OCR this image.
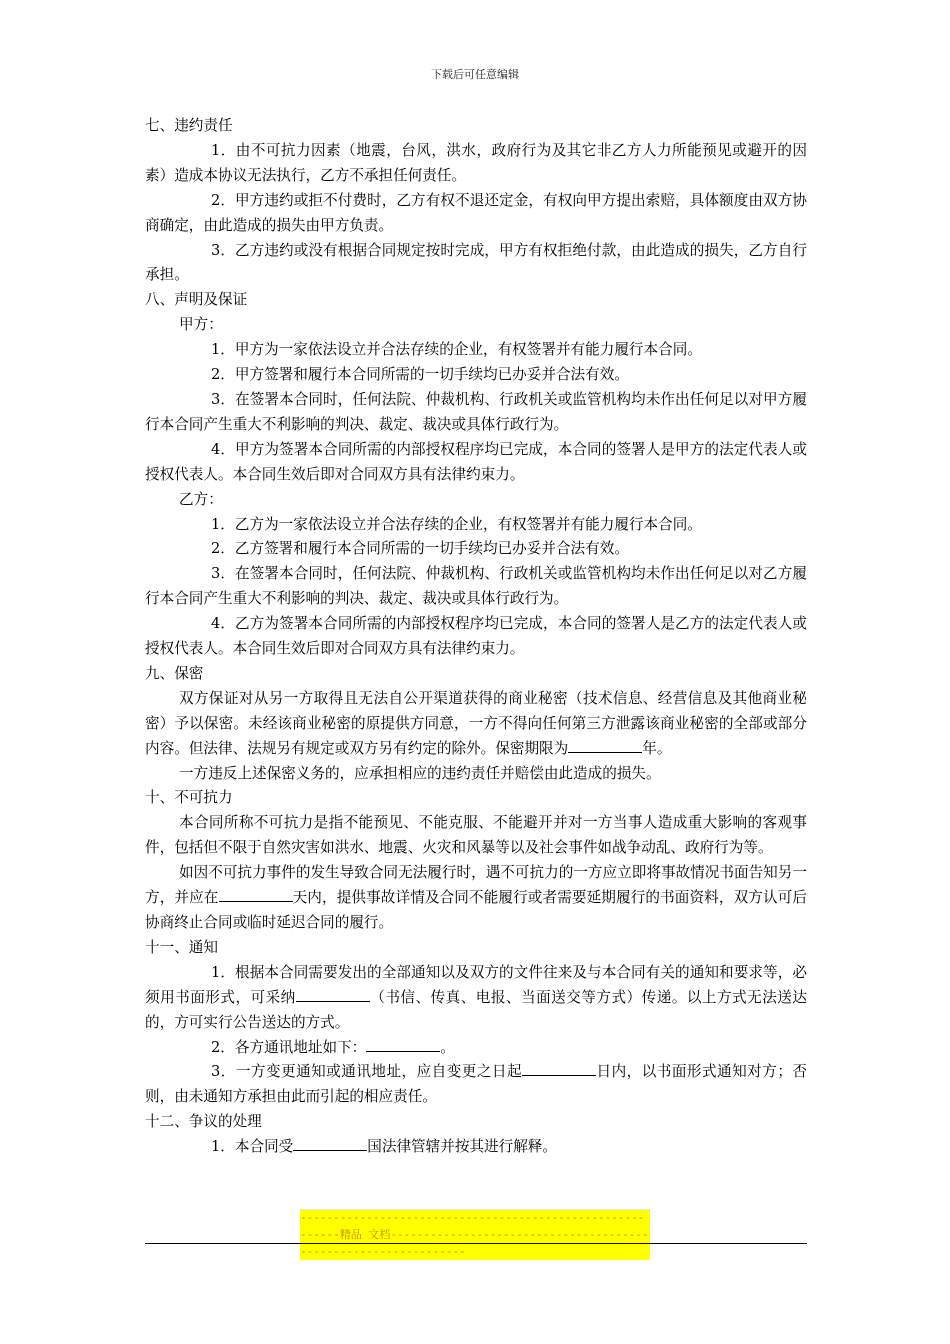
下载后可任意编辑

七、违约责任

1．由不可抗力因素（地震，台风，洪水，政府行为及其它非乙方人力所能预见或避开的因素）造成本协议无法执行，乙方不承担任何责任。

2．甲方违约或拒不付费时，乙方有权不退还定金，有权向甲方提出索赔，具体额度由双方协商确定，由此造成的损失由甲方负责。

3．乙方违约或没有根据合同规定按时完成，甲方有权拒绝付款，由此造成的损失，乙方自行承担。

八、声明及保证

甲方：

1．甲方为一家依法设立并合法存续的企业，有权签署并有能力履行本合同。

2．甲方签署和履行本合同所需的一切手续均已办妥并合法有效。

3．在签署本合同时，任何法院、仲裁机构、行政机关或监管机构均未作出任何足以对甲方履行本合同产生重大不利影响的判决、裁定、裁决或具体行政行为。

4．甲方为签署本合同所需的内部授权程序均已完成，本合同的签署人是甲方的法定代表人或授权代表人。本合同生效后即对合同双方具有法律约束力。

乙方：

1．乙方为一家依法设立并合法存续的企业，有权签署并有能力履行本合同。

2．乙方签署和履行本合同所需的一切手续均已办妥并合法有效。

3．在签署本合同时，任何法院、仲裁机构、行政机关或监管机构均未作出任何足以对乙方履行本合同产生重大不利影响的判决、裁定、裁决或具体行政行为。

4．乙方为签署本合同所需的内部授权程序均已完成，本合同的签署人是乙方的法定代表人或授权代表人。本合同生效后即对合同双方具有法律约束力。

九、保密

双方保证对从另一方取得且无法自公开渠道获得的商业秘密（技术信息、经营信息及其他商业秘密）予以保密。未经该商业秘密的原提供方同意，一方不得向任何第三方泄露该商业秘密的全部或部分内容。但法律、法规另有规定或双方另有约定的除外。保密期限为	年。

一方违反上述保密义务的，应承担相应的违约责任并赔偿由此造成的损失。

十、不可抗力

本合同所称不可抗力是指不能预见、不能克服、不能避开并对一方当事人造成重大影响的客观事件，包括但不限于自然灾害如洪水、地震、火灾和风暴等以及社会事件如战争动乱、政府行为等。

如因不可抗力事件的发生导致合同无法履行时，遇不可抗力的一方应立即将事故情况书面告知另一方，并应在	天内，提供事故详情及合同不能履行或者需要延期履行的书面资料，双方认可后协商终止合同或临时延迟合同的履行。

十一、通知

1．根据本合同需要发出的全部通知以及双方的文件往来及与本合同有关的通知和要求等，必须用书面形式，可采纳	（书信、传真、电报、当面送交等方式）传递。以上方式无法送达的，方可实行公告送达的方式。

2．各方通讯地址如下：	。

3．一方变更通知或通讯地址，应自变更之日起	日内，以书面形式通知对方；否则，由未通知方承担由此而引起的相应责任。

十二、争议的处理

1．本合同受	国法律管辖并按其进行解释。

----------------------------------------------------------精品 文档----------------------------------------------------------------
